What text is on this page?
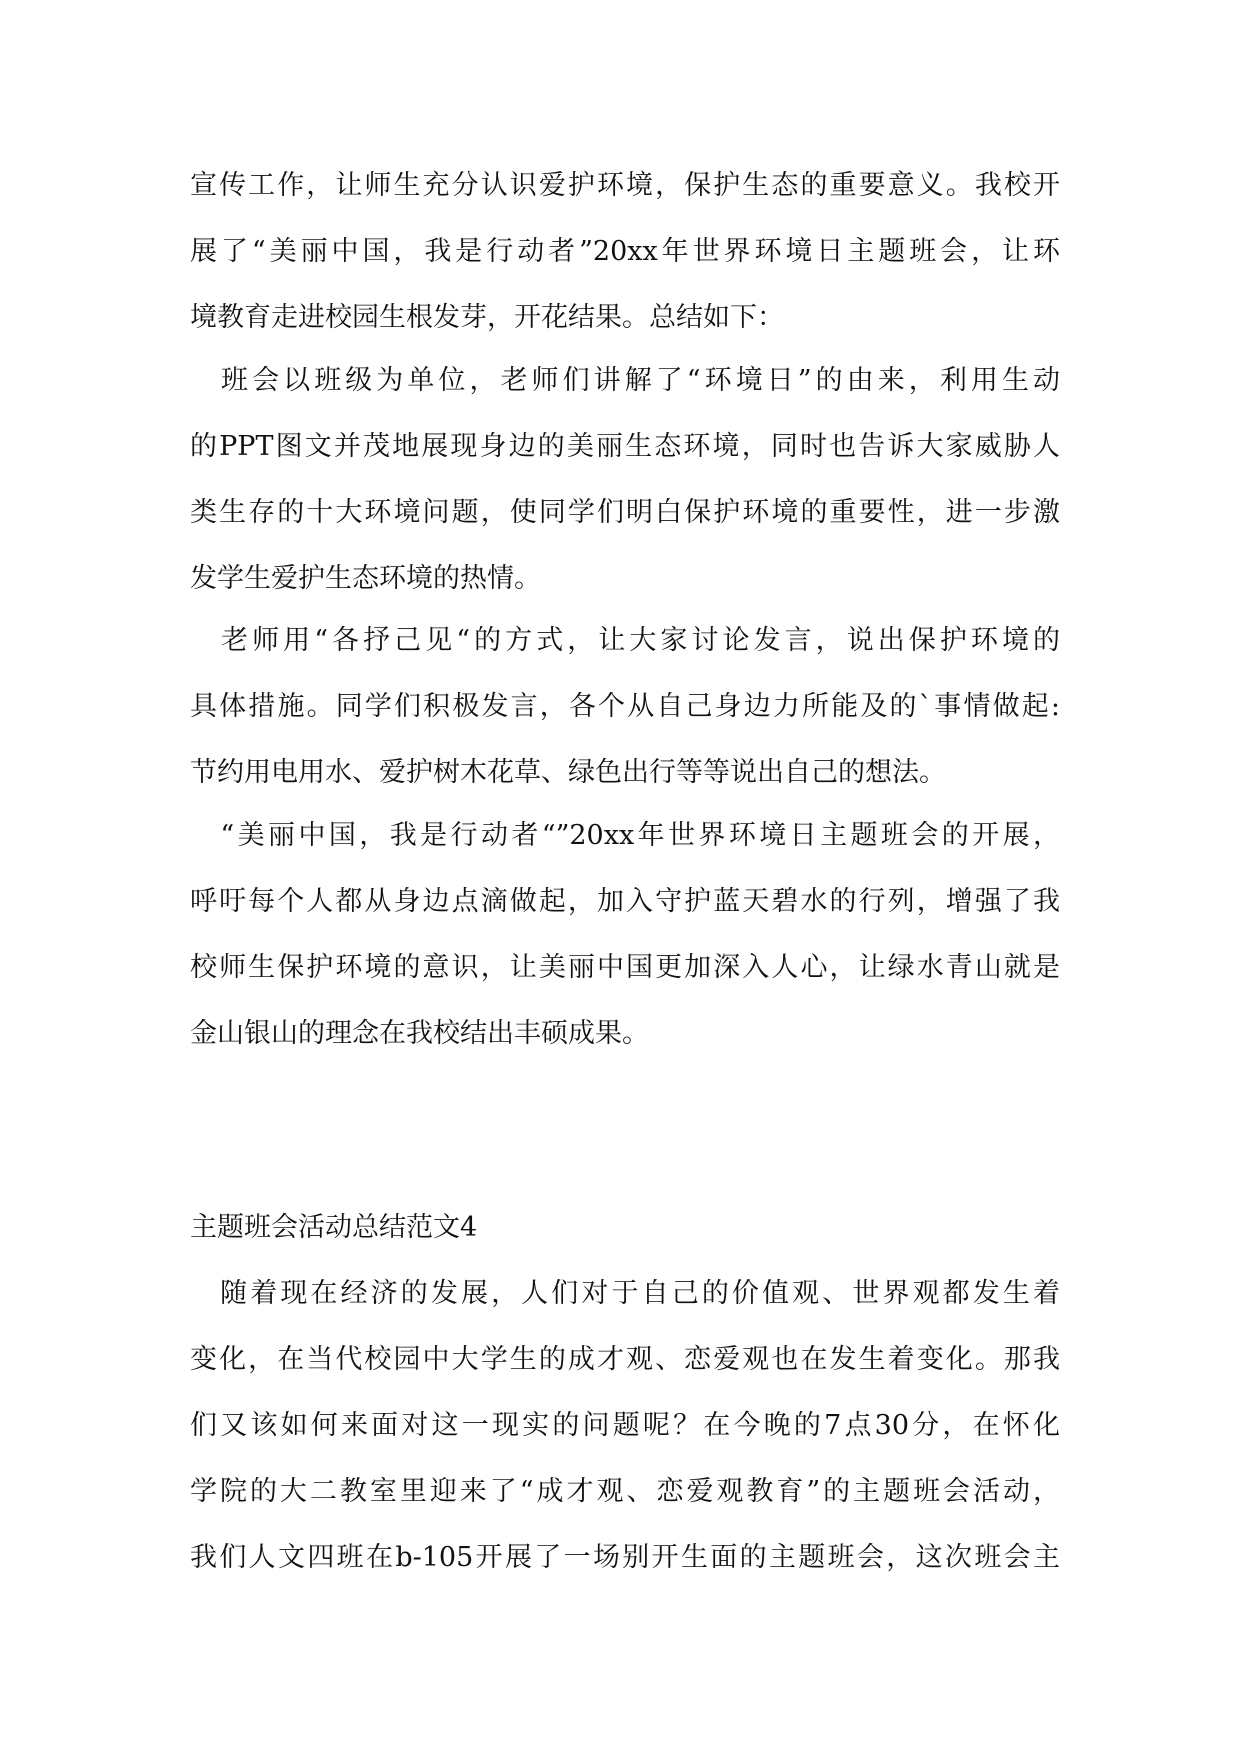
宣传工作，让师生充分认识爱护环境，保护生态的重要意义。我校开
展了“美丽中国，我是行动者”20xx年世界环境日主题班会，让环
境教育走进校园生根发芽，开花结果。总结如下：
　班会以班级为单位，老师们讲解了“环境日”的由来，利用生动
的PPT图文并茂地展现身边的美丽生态环境，同时也告诉大家威胁人
类生存的十大环境问题，使同学们明白保护环境的重要性，进一步激
发学生爱护生态环境的热情。
　老师用“各抒己见“的方式，让大家讨论发言，说出保护环境的
具体措施。同学们积极发言，各个从自己身边力所能及的`事情做起:
节约用电用水、爱护树木花草、绿色出行等等说出自己的想法。
　“美丽中国，我是行动者“”20xx年世界环境日主题班会的开展，
呼吁每个人都从身边点滴做起，加入守护蓝天碧水的行列，增强了我
校师生保护环境的意识，让美丽中国更加深入人心，让绿水青山就是
金山银山的理念在我校结出丰硕成果。
主题班会活动总结范文4
　随着现在经济的发展，人们对于自己的价值观、世界观都发生着
变化，在当代校园中大学生的成才观、恋爱观也在发生着变化。那我
们又该如何来面对这一现实的问题呢？在今晚的7点30分，在怀化
学院的大二教室里迎来了“成才观、恋爱观教育”的主题班会活动，
我们人文四班在b-105开展了一场别开生面的主题班会，这次班会主
